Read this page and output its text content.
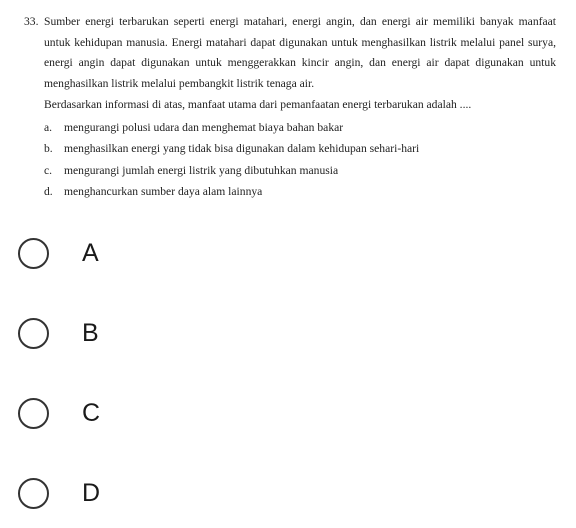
33. Sumber energi terbarukan seperti energi matahari, energi angin, dan energi air memiliki banyak manfaat untuk kehidupan manusia. Energi matahari dapat digunakan untuk menghasilkan listrik melalui panel surya, energi angin dapat digunakan untuk menggerakkan kincir angin, dan energi air dapat digunakan untuk menghasilkan listrik melalui pembangkit listrik tenaga air.

Berdasarkan informasi di atas, manfaat utama dari pemanfaatan energi terbarukan adalah ....

a.	mengurangi polusi udara dan menghemat biaya bahan bakar
b. menghasilkan energi yang tidak bisa digunakan dalam kehidupan sehari-hari
c.	mengurangi jumlah energi listrik yang dibutuhkan manusia
d. menghancurkan sumber daya alam lainnya
A
B
C
D
